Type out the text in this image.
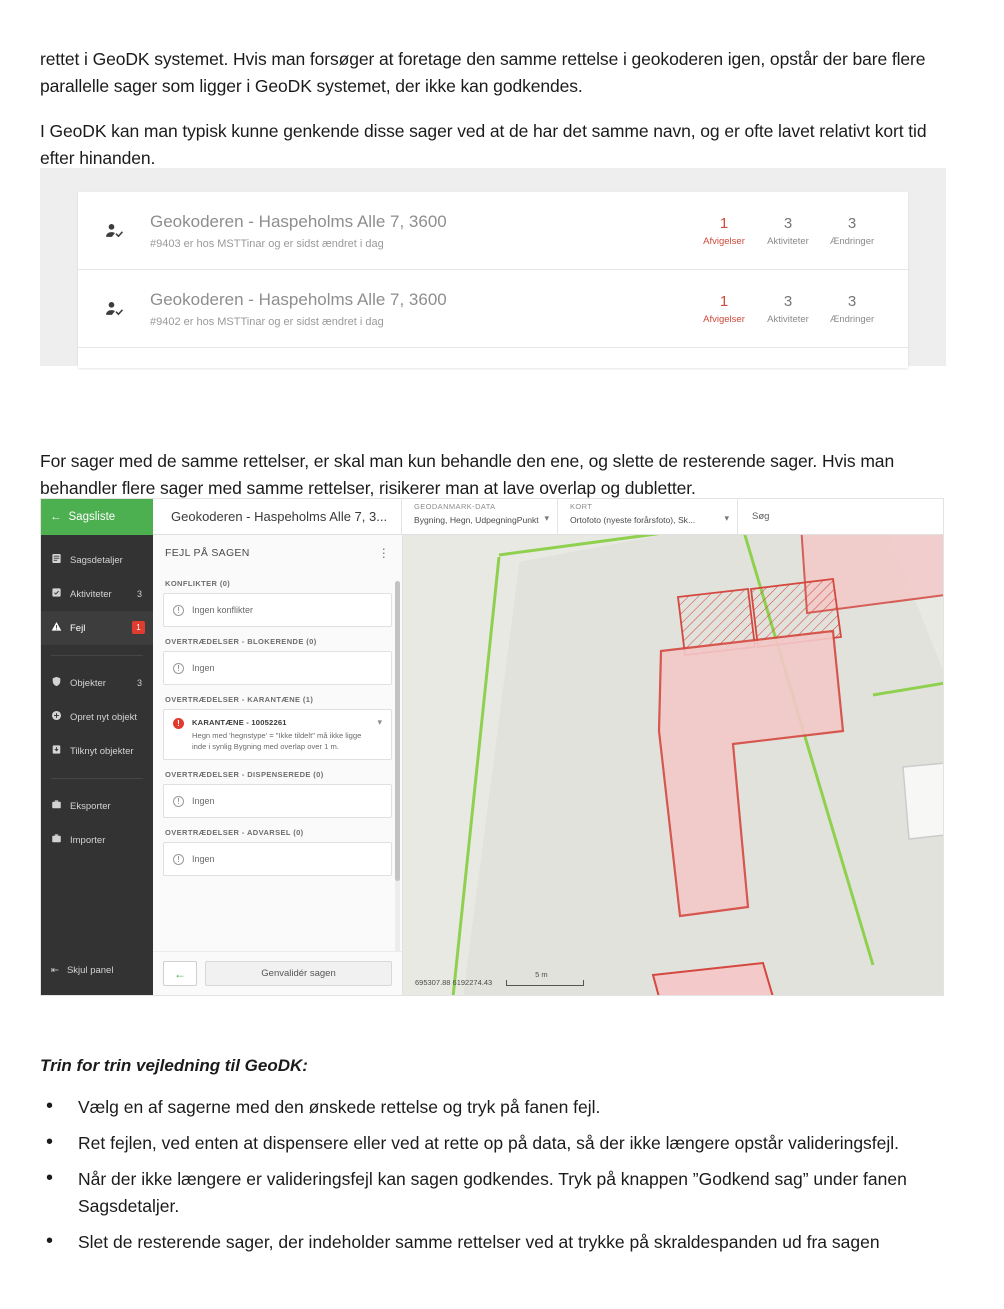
rettet i GeoDK systemet. Hvis man forsøger at foretage den samme rettelse i geokoderen igen, opstår der bare flere parallelle sager som ligger i GeoDK systemet, der ikke kan godkendes.

I GeoDK kan man typisk kunne genkende disse sager ved at de har det samme navn, og er ofte lavet relativt kort tid efter hinanden.

Geokoderen - Haspeholms Alle 7, 3600
#9403 er hos MSTTinar og er sidst ændret i dag
1
Afvigelser
3
Aktiviteter
3
Ændringer
Geokoderen - Haspeholms Alle 7, 3600
#9402 er hos MSTTinar og er sidst ændret i dag
1
Afvigelser
3
Aktiviteter
3
Ændringer

For sager med de samme rettelser, er skal man kun behandle den ene, og slette de resterende sager. Hvis man behandler flere sager med samme rettelser, risikerer man at lave overlap og dubletter.

← Sagsliste	Geokoderen - Haspeholms Alle 7, 3...
GEODANMARK-DATA
Bygning, Hegn, UdpegningPunkt ▾
KORT
Ortofoto (nyeste forårsfoto), Sk...	▾	Søg
Sagsdetaljer
Aktiviteter	3
Fejl	1
Objekter	3
Opret nyt objekt
Tilknyt objekter
Eksporter
Importer
⇤ Skjul panel
FEJL PÅ SAGEN	⋮
KONFLIKTER (0)
!	Ingen konflikter
OVERTRÆDELSER - BLOKERENDE (0)
!	Ingen
OVERTRÆDELSER - KARANTÆNE (1)
!	KARANTÆNE - 10052261
Hegn med 'hegnstype' = "Ikke tildelt" må ikke ligge inde i synlig Bygning med overlap over 1 m.
▾
OVERTRÆDELSER - DISPENSEREDE (0)
!	Ingen
OVERTRÆDELSER - ADVARSEL (0)
!	Ingen
←	Genvalidér sagen
695307.88 6192274.43
5 m
Trin for trin vejledning til GeoDK:
• Vælg en af sagerne med den ønskede rettelse og tryk på fanen fejl.
• Ret fejlen, ved enten at dispensere eller ved at rette op på data, så der ikke længere opstår valideringsfejl.
• Når der ikke længere er valideringsfejl kan sagen godkendes. Tryk på knappen ”Godkend sag” under fanen Sagsdetaljer.
• Slet de resterende sager, der indeholder samme rettelser ved at trykke på skraldespanden ud fra sagen
